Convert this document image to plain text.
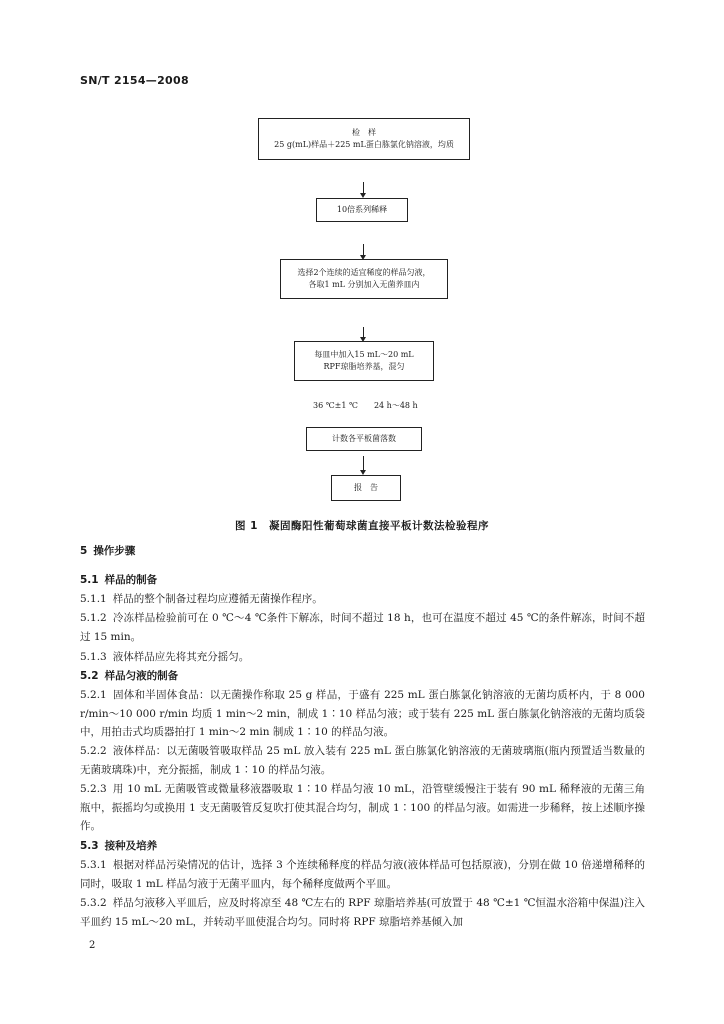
SN/T 2154—2008
检　样
25 g(mL)样品＋225 mL蛋白胨氯化钠溶液，均质
10倍系列稀释
选择2个连续的适宜稀度的样品匀液，
各取1 mL 分别加入无菌养皿内
每皿中加入15 mL～20 mL
RPF琼脂培养基，混匀
36 ℃±1 ℃　　24 h～48 h
计数各平板菌落数
报　告
图 1　凝固酶阳性葡萄球菌直接平板计数法检验程序

5 操作步骤

5.1 样品的制备

5.1.1 样品的整个制备过程均应遵循无菌操作程序。

5.1.2 冷冻样品检验前可在 0 ℃～4 ℃条件下解冻，时间不超过 18 h，也可在温度不超过 45 ℃的条件解冻，时间不超过 15 min。

5.1.3 液体样品应先将其充分摇匀。

5.2 样品匀液的制备

5.2.1 固体和半固体食品：以无菌操作称取 25 g 样品，于盛有 225 mL 蛋白胨氯化钠溶液的无菌均质杯内，于 8 000 r/min～10 000 r/min 均质 1 min～2 min，制成 1∶10 样品匀液；或于装有 225 mL 蛋白胨氯化钠溶液的无菌均质袋中，用拍击式均质器拍打 1 min～2 min 制成 1∶10 的样品匀液。

5.2.2 液体样品：以无菌吸管吸取样品 25 mL 放入装有 225 mL 蛋白胨氯化钠溶液的无菌玻璃瓶(瓶内预置适当数量的无菌玻璃珠)中，充分振摇，制成 1∶10 的样品匀液。

5.2.3 用 10 mL 无菌吸管或微量移液器吸取 1∶10 样品匀液 10 mL，沿管壁缓慢注于装有 90 mL 稀释液的无菌三角瓶中，振摇均匀或换用 1 支无菌吸管反复吹打使其混合均匀，制成 1∶100 的样品匀液。如需进一步稀释，按上述顺序操作。

5.3 接种及培养

5.3.1 根据对样品污染情况的估计，选择 3 个连续稀释度的样品匀液(液体样品可包括原液)，分别在做 10 倍递增稀释的同时，吸取 1 mL 样品匀液于无菌平皿内，每个稀释度做两个平皿。

5.3.2 样品匀液移入平皿后，应及时将凉至 48 ℃左右的 RPF 琼脂培养基(可放置于 48 ℃±1 ℃恒温水浴箱中保温)注入平皿约 15 mL～20 mL，并转动平皿使混合均匀。同时将 RPF 琼脂培养基倾入加

2
